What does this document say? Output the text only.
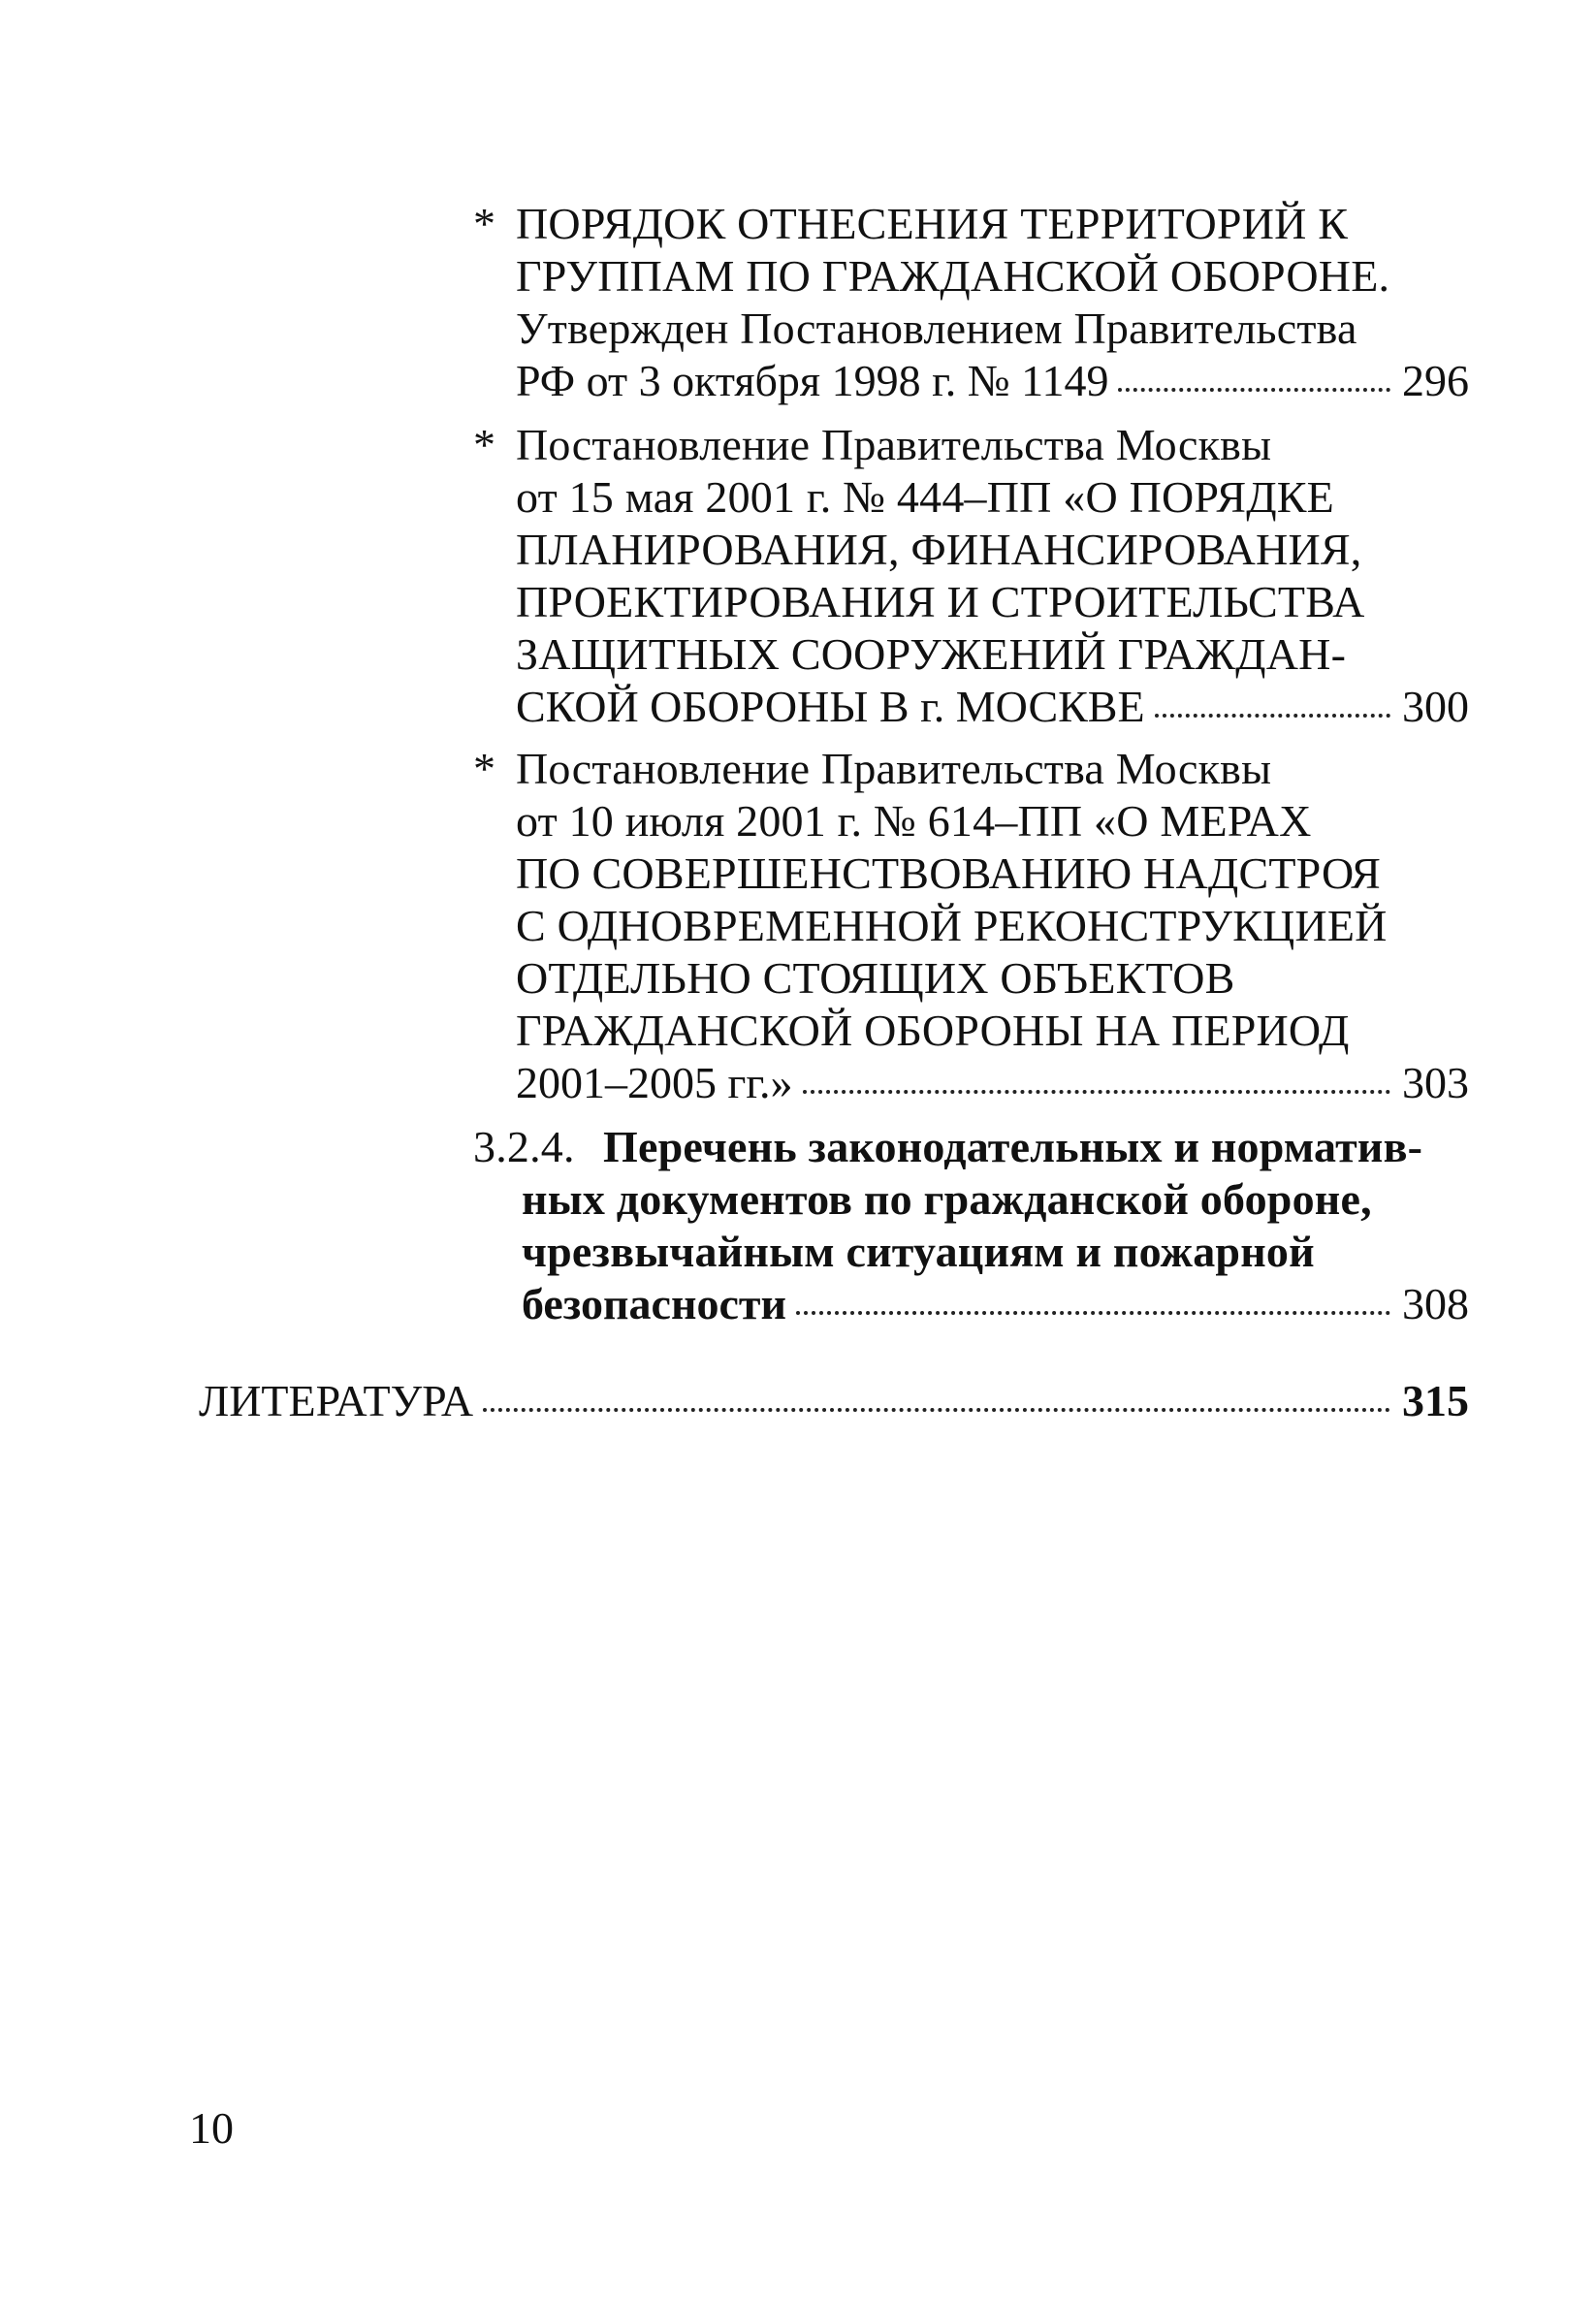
* ПОРЯДОК ОТНЕСЕНИЯ ТЕРРИТОРИЙ К
ГРУППАМ ПО ГРАЖДАНСКОЙ ОБОРОНЕ.
Утвержден Постановлением Правительства
РФ от 3 октября 1998 г. № 1149	296
* Постановление Правительства Москвы
от 15 мая 2001 г. № 444–ПП «О ПОРЯДКЕ
ПЛАНИРОВАНИЯ, ФИНАНСИРОВАНИЯ,
ПРОЕКТИРОВАНИЯ И СТРОИТЕЛЬСТВА
ЗАЩИТНЫХ СООРУЖЕНИЙ ГРАЖДАН-
СКОЙ ОБОРОНЫ В г. МОСКВЕ	300
* Постановление Правительства Москвы
от 10 июля 2001 г. № 614–ПП «О МЕРАХ
ПО СОВЕРШЕНСТВОВАНИЮ НАДСТРОЯ
С ОДНОВРЕМЕННОЙ РЕКОНСТРУКЦИЕЙ
ОТДЕЛЬНО СТОЯЩИХ ОБЪЕКТОВ
ГРАЖДАНСКОЙ ОБОРОНЫ НА ПЕРИОД
2001–2005 гг.»	303
3.2.4. Перечень законодательных и норматив-
ных документов по гражданской обороне,
чрезвычайным ситуациям и пожарной
безопасности	308
ЛИТЕРАТУРА	315
10
